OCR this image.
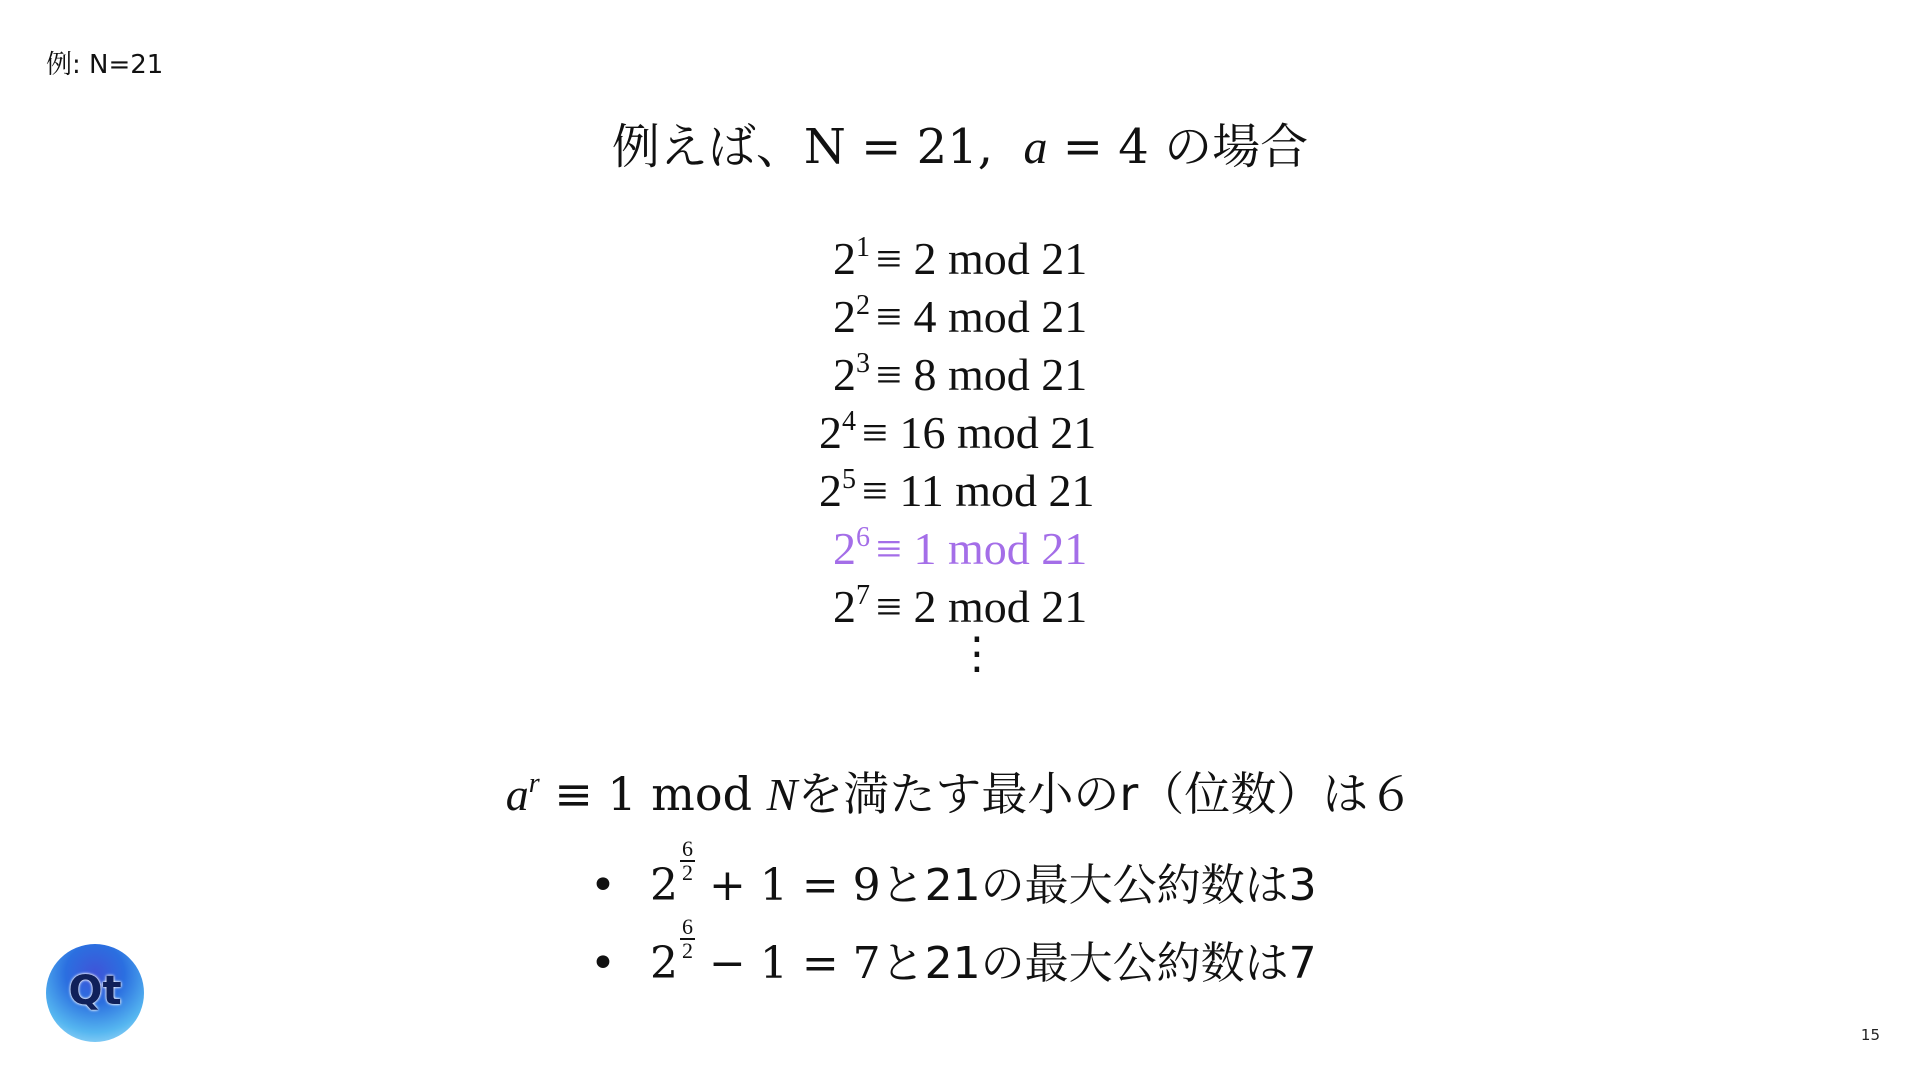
例: N=21
例えば、N = 21, a = 4 の場合
$2^1 \equiv 2$ mod 21
$2^2 \equiv 4$ mod 21
$2^3 \equiv 8$ mod 21
$2^4 \equiv 16$ mod 21
$2^5 \equiv 11$ mod 21
$2^6 \equiv 1$ mod 21
$2^7 \equiv 2$ mod 21
⋮
$a^r \equiv 1$ mod Nを満たす最小のr（位数）は６
• $2 \frac{6}{2} + 1 = 9$と21の最大公約数は3
• $2 \frac{6}{2} - 1 = 7$と21の最大公約数は7
Qt
15
